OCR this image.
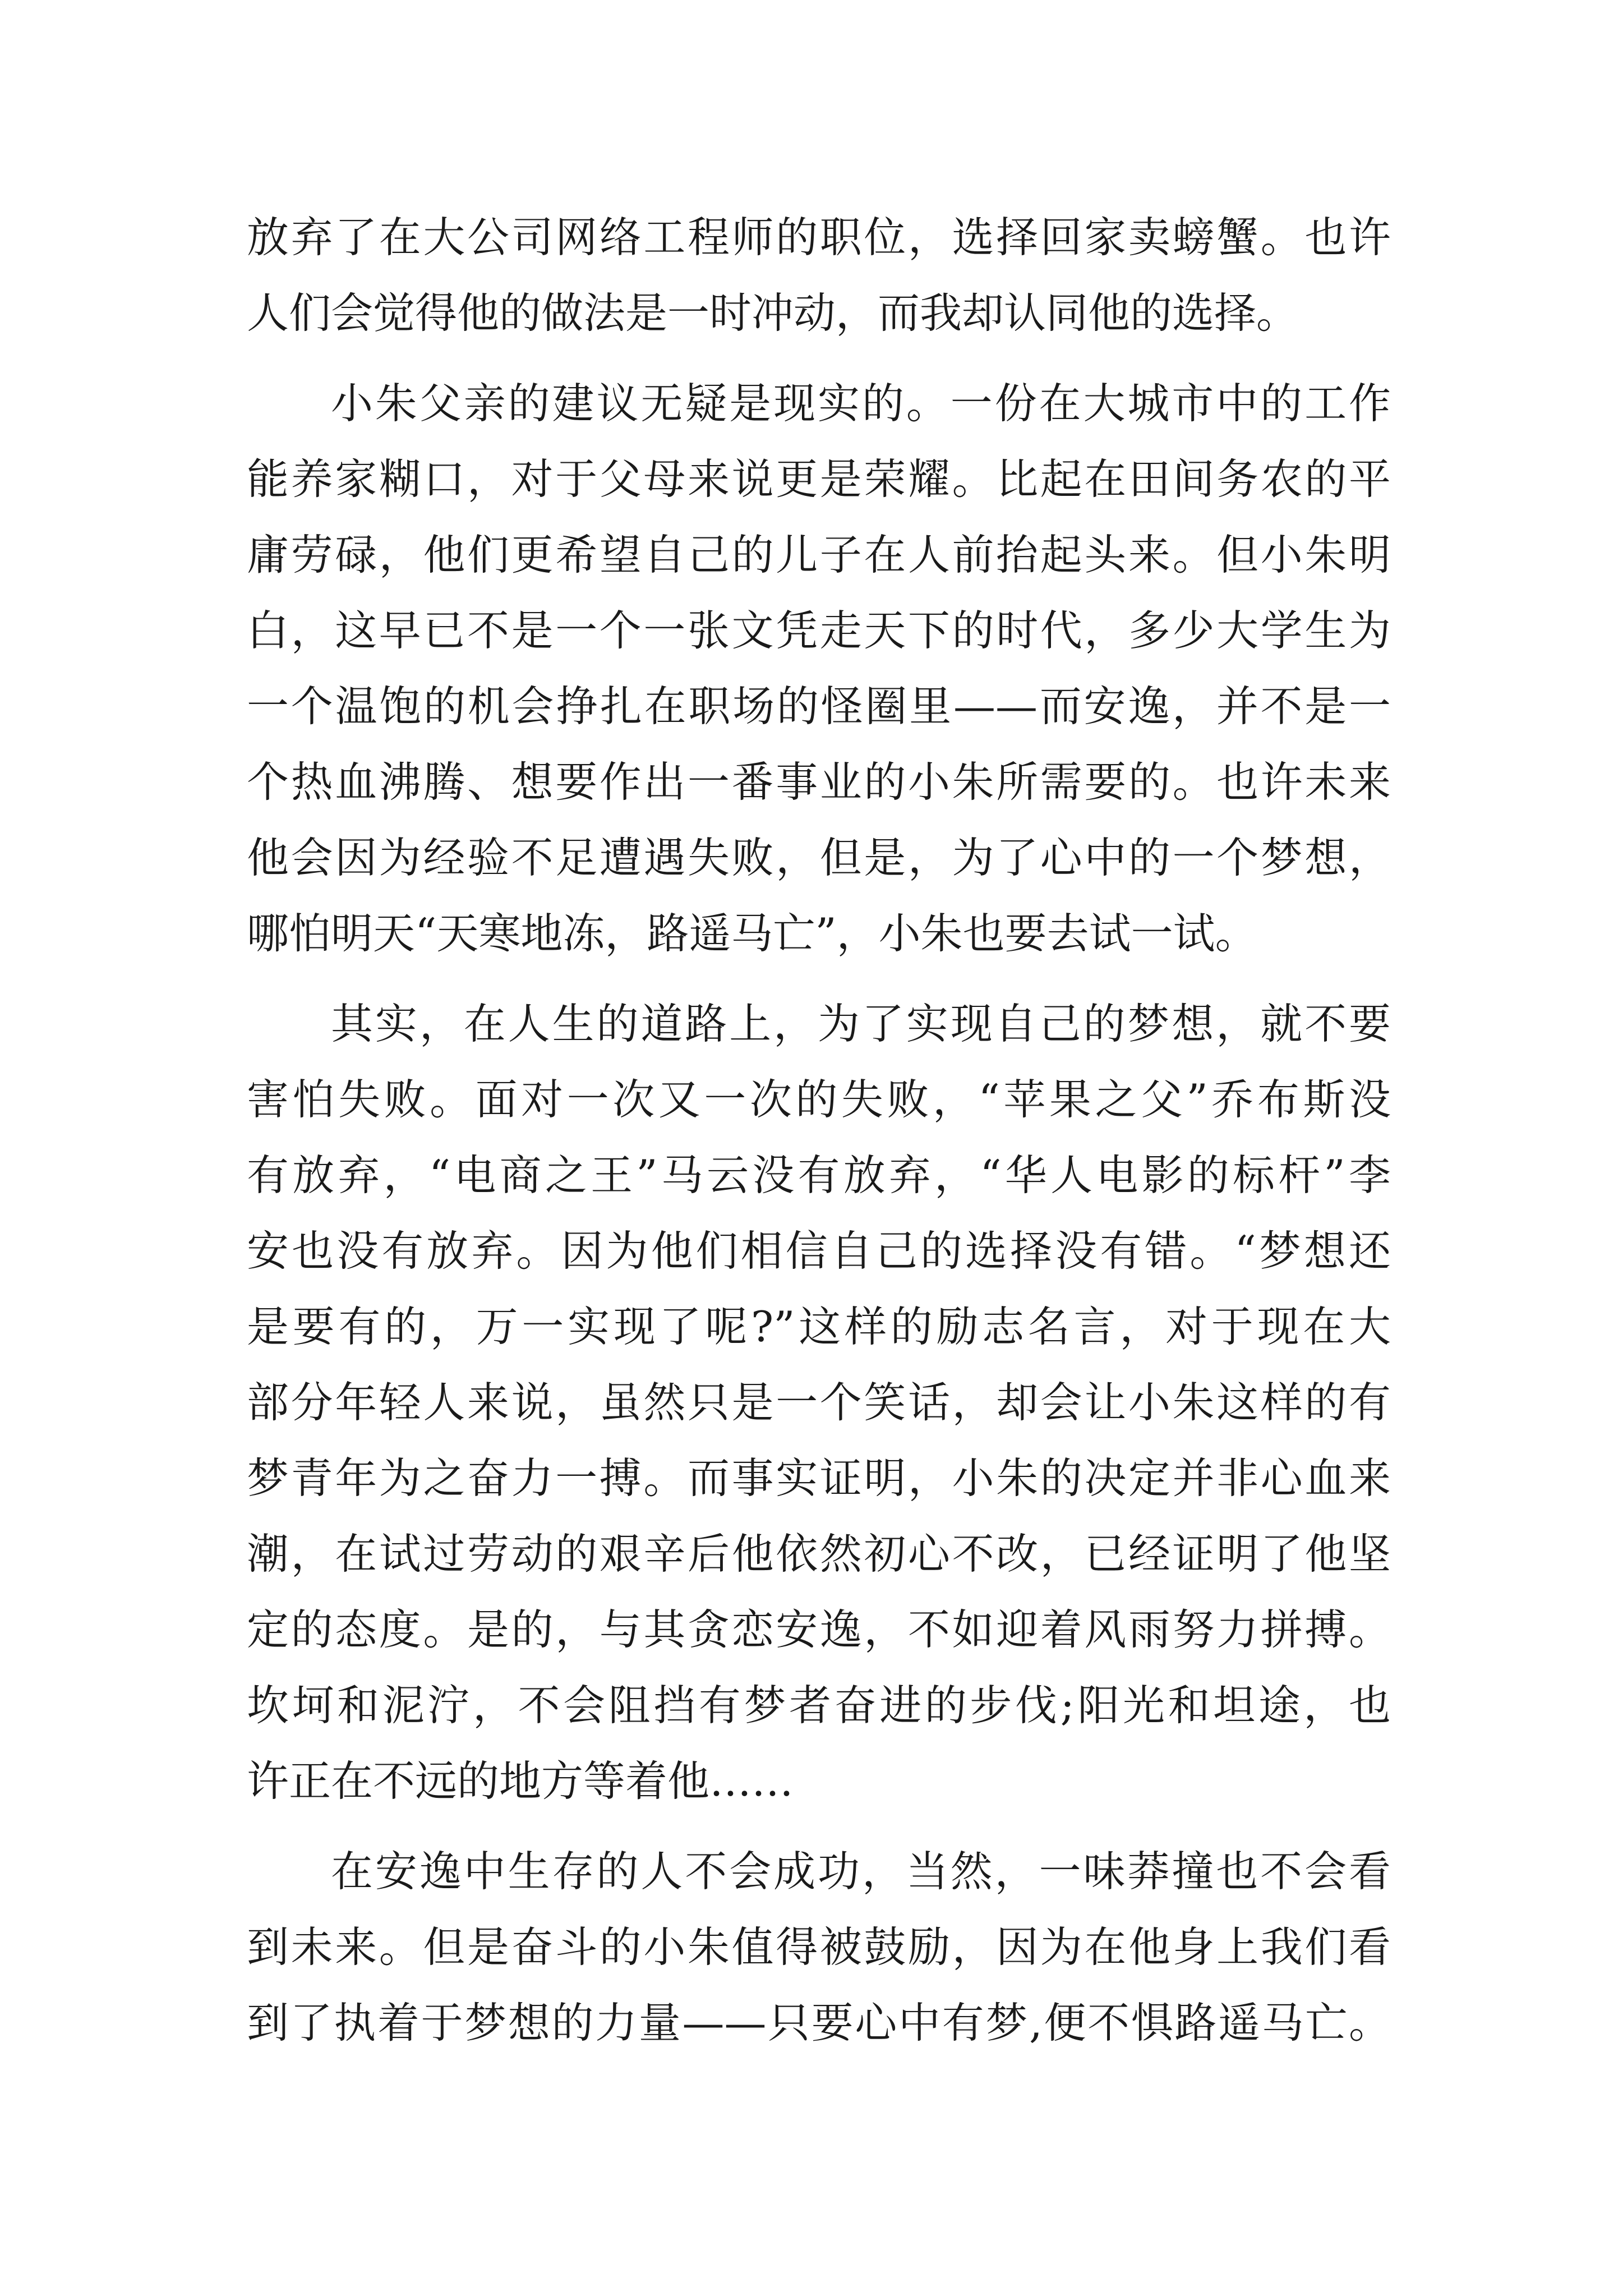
放弃了在大公司网络工程师的职位，选择回家卖螃蟹。也许
人们会觉得他的做法是一时冲动，而我却认同他的选择。
小朱父亲的建议无疑是现实的。一份在大城市中的工作
能养家糊口，对于父母来说更是荣耀。比起在田间务农的平
庸劳碌，他们更希望自己的儿子在人前抬起头来。但小朱明
白，这早已不是一个一张文凭走天下的时代，多少大学生为
一个温饱的机会挣扎在职场的怪圈里——而安逸，并不是一
个热血沸腾、想要作出一番事业的小朱所需要的。也许未来
他会因为经验不足遭遇失败，但是，为了心中的一个梦想，
哪怕明天“天寒地冻，路遥马亡”，小朱也要去试一试。
其实，在人生的道路上，为了实现自己的梦想，就不要
害怕失败。面对一次又一次的失败，“苹果之父”乔布斯没
有放弃，“电商之王”马云没有放弃，“华人电影的标杆”李
安也没有放弃。因为他们相信自己的选择没有错。“梦想还
是要有的，万一实现了呢?”这样的励志名言，对于现在大
部分年轻人来说，虽然只是一个笑话，却会让小朱这样的有
梦青年为之奋力一搏。而事实证明，小朱的决定并非心血来
潮，在试过劳动的艰辛后他依然初心不改，已经证明了他坚
定的态度。是的，与其贪恋安逸，不如迎着风雨努力拼搏。
坎坷和泥泞，不会阻挡有梦者奋进的步伐;阳光和坦途，也
许正在不远的地方等着他……
在安逸中生存的人不会成功，当然，一味莽撞也不会看
到未来。但是奋斗的小朱值得被鼓励，因为在他身上我们看
到了执着于梦想的力量——只要心中有梦,便不惧路遥马亡。
